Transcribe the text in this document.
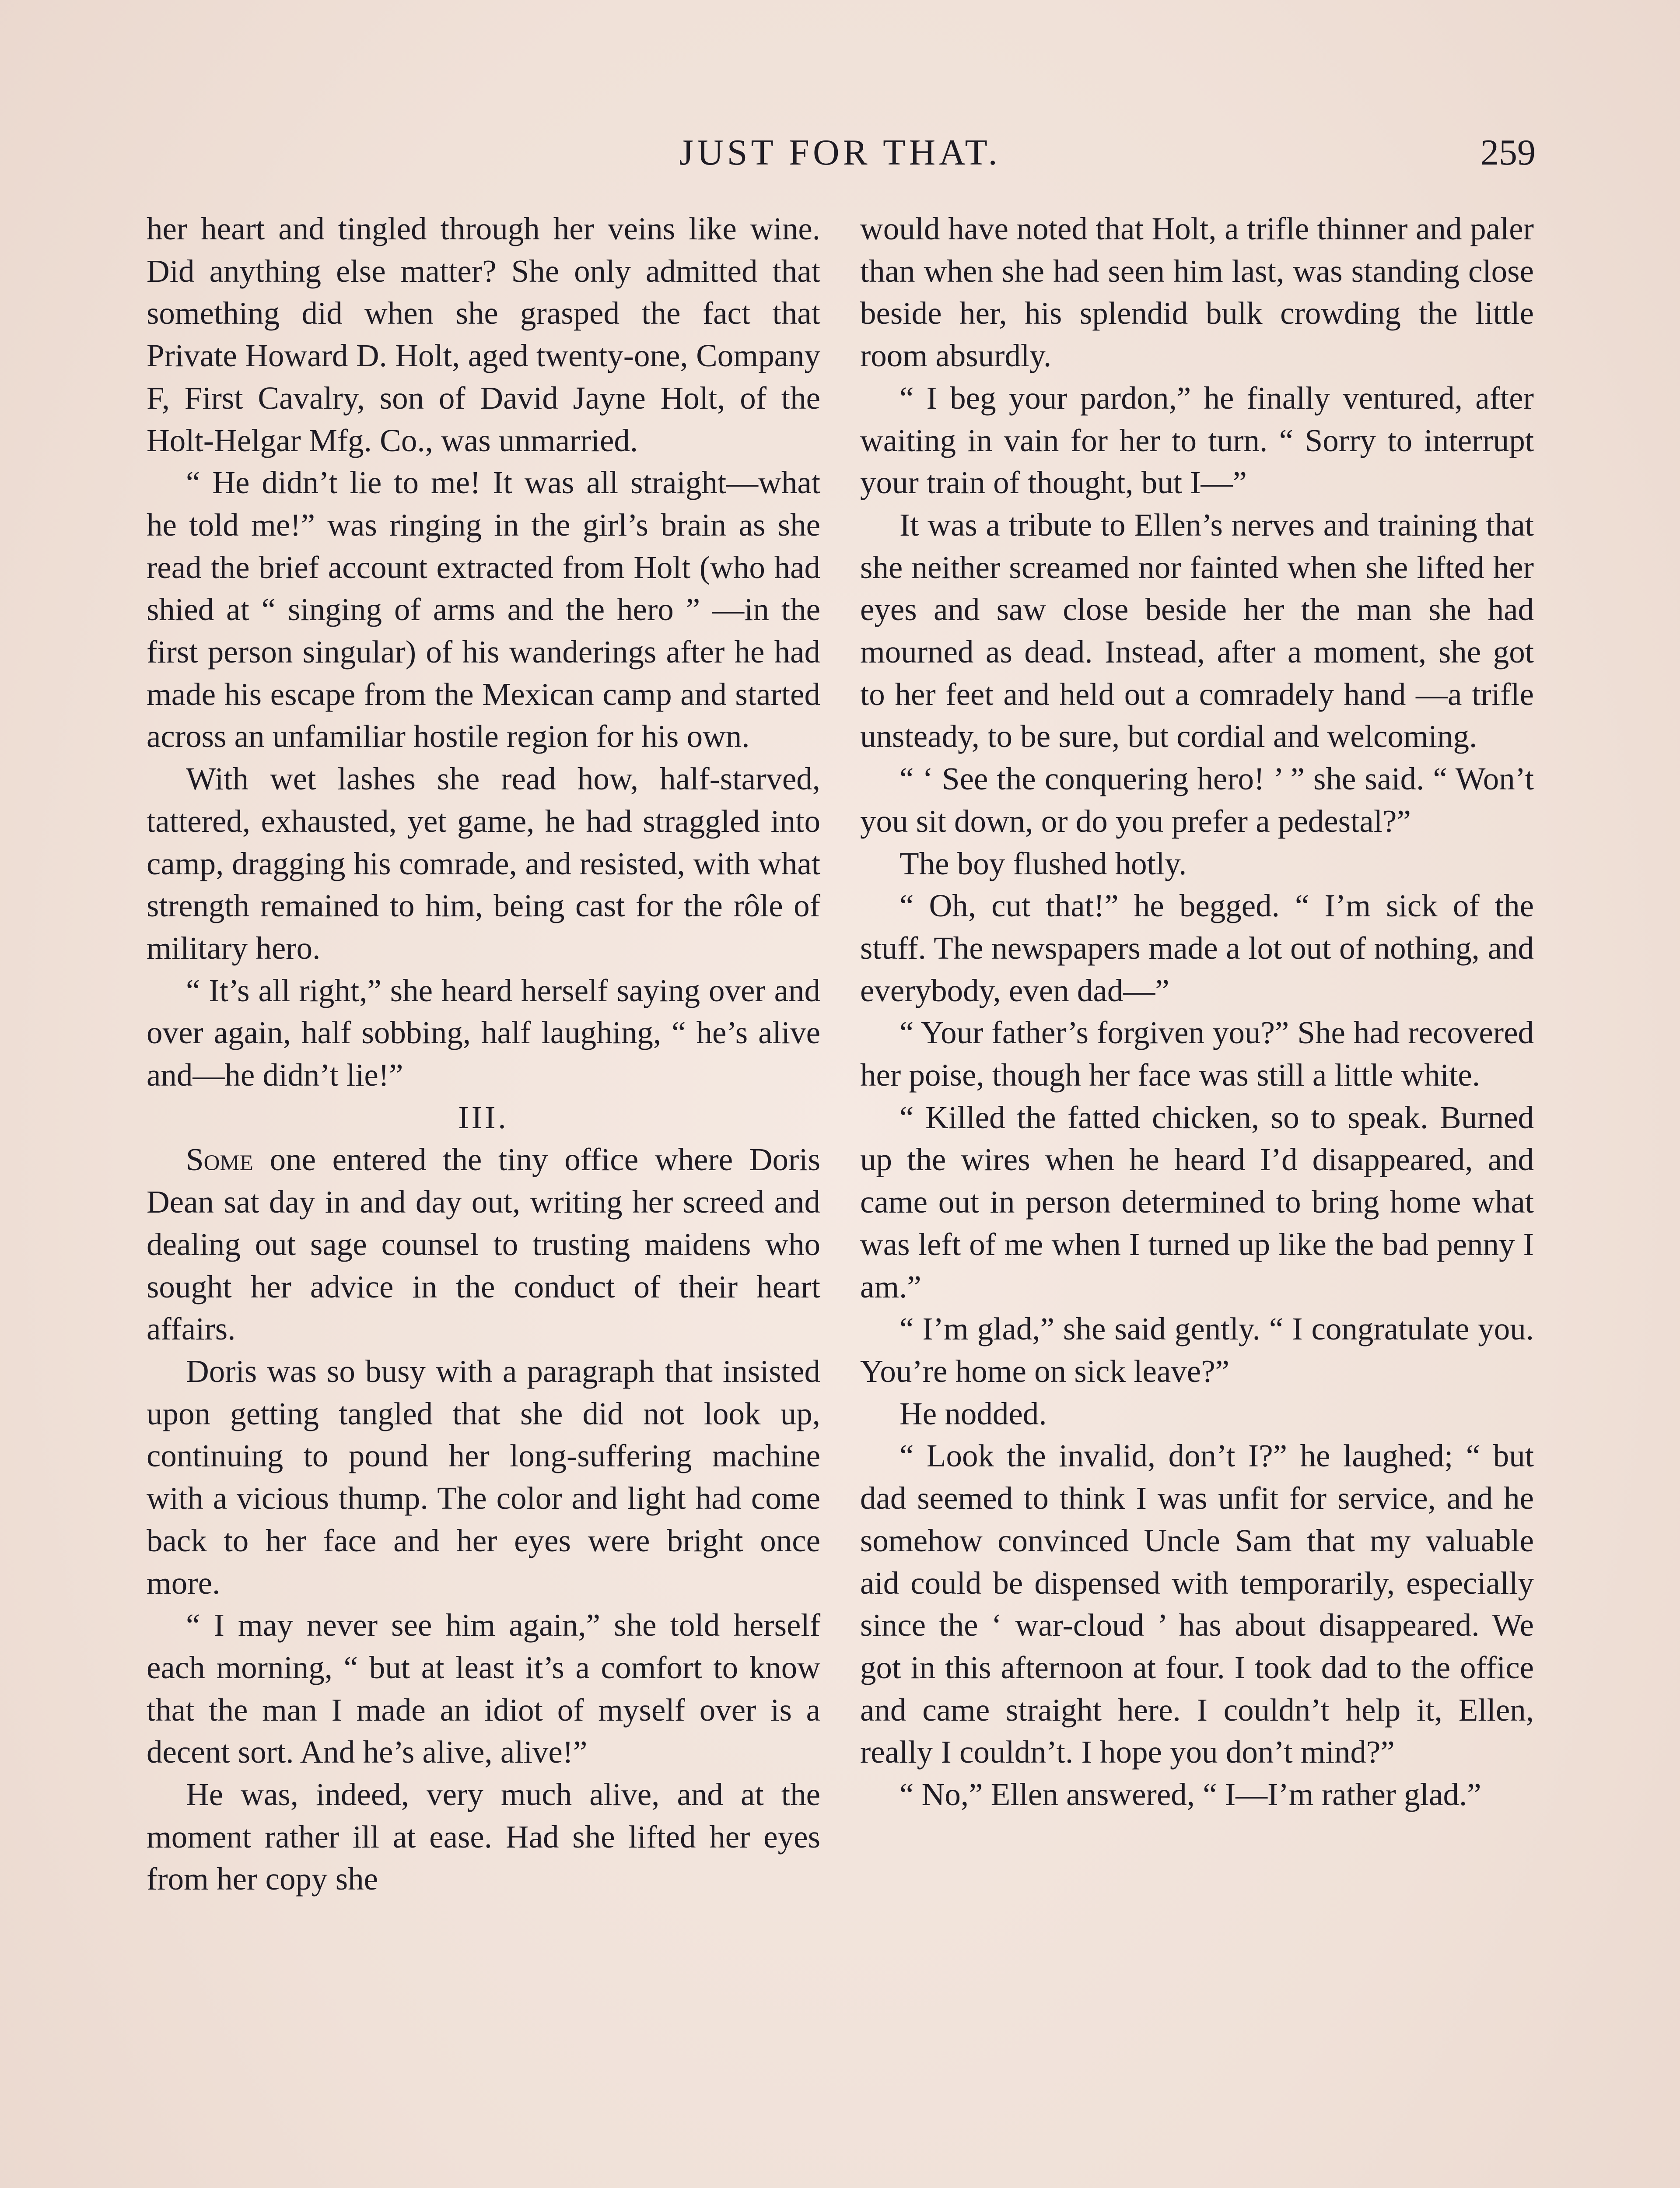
JUST FOR THAT.	259

her heart and tingled through her veins like wine. Did anything else matter? She only admitted that something did when she grasped the fact that Private Howard D. Holt, aged twenty-one, Company F, First Cavalry, son of David Jayne Holt, of the Holt-Helgar Mfg. Co., was unmarried.

“ He didn’t lie to me! It was all straight—what he told me!” was ringing in the girl’s brain as she read the brief account extracted from Holt (who had shied at “ singing of arms and the hero ” —in the first person singular) of his wanderings after he had made his escape from the Mexican camp and started across an unfamiliar hostile region for his own.

With wet lashes she read how, half-starved, tattered, exhausted, yet game, he had straggled into camp, dragging his comrade, and resisted, with what strength remained to him, being cast for the rôle of military hero.

“ It’s all right,” she heard herself saying over and over again, half sobbing, half laughing, “ he’s alive and—he didn’t lie!”

III.

Some one entered the tiny office where Doris Dean sat day in and day out, writing her screed and dealing out sage counsel to trusting maidens who sought her advice in the conduct of their heart affairs.

Doris was so busy with a paragraph that insisted upon getting tangled that she did not look up, continuing to pound her long-suffering machine with a vicious thump. The color and light had come back to her face and her eyes were bright once more.

“ I may never see him again,” she told herself each morning, “ but at least it’s a comfort to know that the man I made an idiot of myself over is a decent sort. And he’s alive, alive!”

He was, indeed, very much alive, and at the moment rather ill at ease. Had she lifted her eyes from her copy she

would have noted that Holt, a trifle thinner and paler than when she had seen him last, was standing close beside her, his splendid bulk crowding the little room absurdly.

“ I beg your pardon,” he finally ventured, after waiting in vain for her to turn. “ Sorry to interrupt your train of thought, but I—”

It was a tribute to Ellen’s nerves and training that she neither screamed nor fainted when she lifted her eyes and saw close beside her the man she had mourned as dead. Instead, after a moment, she got to her feet and held out a comradely hand —a trifle unsteady, to be sure, but cordial and welcoming.

“ ‘ See the conquering hero! ’ ” she said. “ Won’t you sit down, or do you prefer a pedestal?”

The boy flushed hotly.

“ Oh, cut that!” he begged. “ I’m sick of the stuff. The newspapers made a lot out of nothing, and everybody, even dad—”

“ Your father’s forgiven you?” She had recovered her poise, though her face was still a little white.

“ Killed the fatted chicken, so to speak. Burned up the wires when he heard I’d disappeared, and came out in person determined to bring home what was left of me when I turned up like the bad penny I am.”

“ I’m glad,” she said gently. “ I congratulate you. You’re home on sick leave?”

He nodded.

“ Look the invalid, don’t I?” he laughed; “ but dad seemed to think I was unfit for service, and he somehow convinced Uncle Sam that my valuable aid could be dispensed with temporarily, especially since the ‘ war-cloud ’ has about disappeared. We got in this afternoon at four. I took dad to the office and came straight here. I couldn’t help it, Ellen, really I couldn’t. I hope you don’t mind?”

“ No,” Ellen answered, “ I—I’m rather glad.”
